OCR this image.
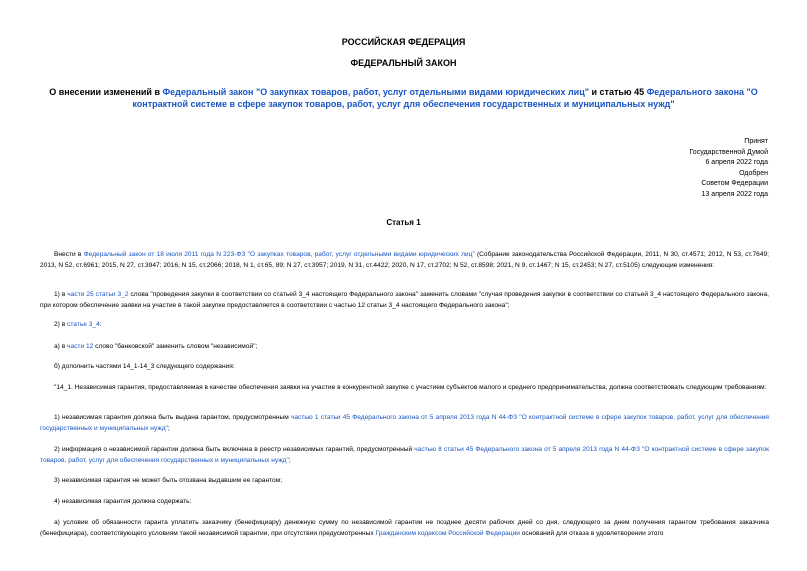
РОССИЙСКАЯ ФЕДЕРАЦИЯ
ФЕДЕРАЛЬНЫЙ ЗАКОН
О внесении изменений в Федеральный закон "О закупках товаров, работ, услуг отдельными видами юридических лиц" и статью 45 Федерального закона "О контрактной системе в сфере закупок товаров, работ, услуг для обеспечения государственных и муниципальных нужд"
Принят
Государственной Думой
6 апреля 2022 года
Одобрен
Советом Федерации
13 апреля 2022 года
Статья 1
Внести в Федеральный закон от 18 июля 2011 года N 223-ФЗ "О закупках товаров, работ, услуг отдельными видами юридических лиц" (Собрание законодательства Российской Федерации, 2011, N 30, ст.4571; 2012, N 53, ст.7649; 2013, N 52, ст.6961; 2015, N 27, ст.3947; 2016, N 15, ст.2066; 2018, N 1, ст.65, 89; N 27, ст.3957; 2019, N 31, ст.4422; 2020, N 17, ст.2702; N 52, ст.8598; 2021, N 9, ст.1467; N 15, ст.2453; N 27, ст.5105) следующие изменения:
1) в части 25 статьи 3_2 слова "проведения закупки в соответствии со статьей 3_4 настоящего Федерального закона" заменить словами "случая проведения закупки в соответствии со статьей 3_4 настоящего Федерального закона, при котором обеспечение заявки на участие в такой закупке предоставляется в соответствии с частью 12 статьи 3_4 настоящего Федерального закона";
2) в статье 3_4:
а) в части 12 слово "банковской" заменить словом "независимой";
б) дополнить частями 14_1-14_3 следующего содержания:
"14_1. Независимая гарантия, предоставляемая в качестве обеспечения заявки на участие в конкурентной закупке с участием субъектов малого и среднего предпринимательства, должна соответствовать следующим требованиям:
1) независимая гарантия должна быть выдана гарантом, предусмотренным частью 1 статьи 45 Федерального закона от 5 апреля 2013 года N 44-ФЗ "О контрактной системе в сфере закупок товаров, работ, услуг для обеспечения государственных и муниципальных нужд";
2) информация о независимой гарантии должна быть включена в реестр независимых гарантий, предусмотренный частью 8 статьи 45 Федерального закона от 5 апреля 2013 года N 44-ФЗ "О контрактной системе в сфере закупок товаров, работ, услуг для обеспечения государственных и муниципальных нужд";
3) независимая гарантия не может быть отозвана выдавшим ее гарантом;
4) независимая гарантия должна содержать:
а) условие об обязанности гаранта уплатить заказчику (бенефициару) денежную сумму по независимой гарантии не позднее десяти рабочих дней со дня, следующего за днем получения гарантом требования заказчика (бенефициара), соответствующего условиям такой независимой гарантии, при отсутствии предусмотренных Гражданским кодексом Российской Федерации оснований для отказа в удовлетворении этого
